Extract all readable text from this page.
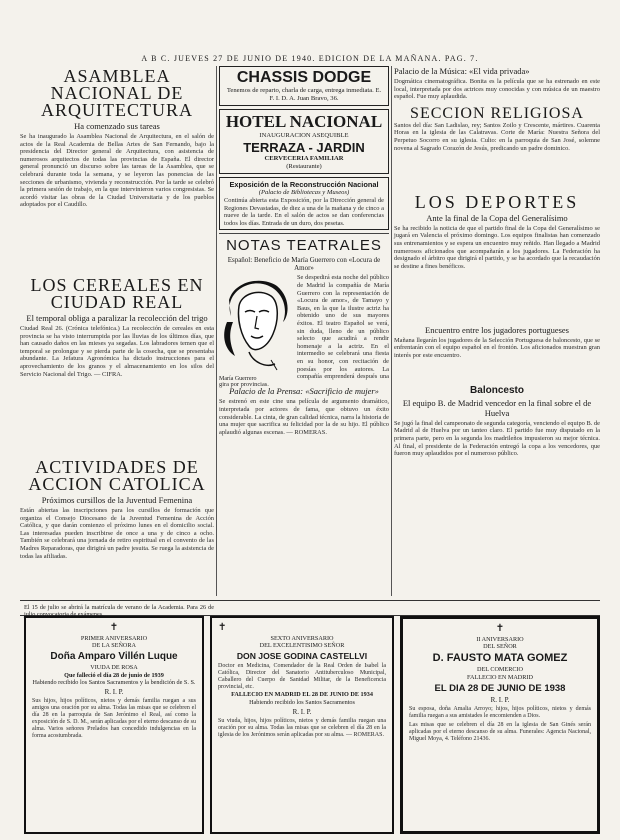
A B C. JUEVES 27 DE JUNIO DE 1940. EDICION DE LA MAÑANA. PAG. 7.
ASAMBLEA NACIONAL DE ARQUITECTURA
Ha comenzado sus tareas

Se ha inaugurado la Asamblea Nacional de Arquitectura, en el salón de actos de la Real Academia de Bellas Artes de San Fernando, bajo la presidencia del Director general de Arquitectura, con asistencia de numerosos arquitectos de todas las provincias de España. El director general pronunció un discurso sobre las tareas de la Asamblea, que se celebrará durante toda la semana, y se leyeron las ponencias de las secciones de urbanismo, vivienda y reconstrucción. Por la tarde se celebró la primera sesión de trabajo, en la que intervinieron varios congresistas. Se acordó visitar las obras de la Ciudad Universitaria y de los pueblos adoptados por el Caudillo.

LOS CEREALES EN CIUDAD REAL
El temporal obliga a paralizar la recolección del trigo

Ciudad Real 26. (Crónica telefónica.) La recolección de cereales en esta provincia se ha visto interrumpida por las lluvias de los últimos días, que han causado daños en las mieses ya segadas. Los labradores temen que el temporal se prolongue y se pierda parte de la cosecha, que se presentaba abundante. La Jefatura Agronómica ha dictado instrucciones para el aprovechamiento de los granos y el almacenamiento en los silos del Servicio Nacional del Trigo. — CIFRA.

ACTIVIDADES DE ACCION CATOLICA
Próximos cursillos de la Juventud Femenina

Están abiertas las inscripciones para los cursillos de formación que organiza el Consejo Diocesano de la Juventud Femenina de Acción Católica, y que darán comienzo el próximo lunes en el domicilio social. Las interesadas pueden inscribirse de once a una y de cinco a ocho. También se celebrará una jornada de retiro espiritual en el convento de las Madres Reparadoras, que dirigirá un padre jesuita. Se ruega la asistencia de todas las afiliadas.

CHASSIS DODGE
Tenemos de reparto, charla de carga, entrega inmediata. E. F. I. D. A. Juan Bravo, 36.
HOTEL NACIONAL
INAUGURACION ASEQUIBLE
TERRAZA - JARDIN
CERVECERIA FAMILIAR
(Restaurante)
Exposición de la Reconstrucción Nacional
(Palacio de Bibliotecas y Museos)

Continúa abierta esta Exposición, por la Dirección general de Regiones Devastadas, de diez a una de la mañana y de cinco a nueve de la tarde. En el salón de actos se dan conferencias todos los días. Entrada de un duro, dos pesetas.

NOTAS TEATRALES
Español: Beneficio de María Guerrero con «Locura de Amor»

Se despedirá esta noche del público de Madrid la compañía de María Guerrero con la representación de «Locura de amor», de Tamayo y Baus, en la que la ilustre actriz ha obtenido uno de sus mayores éxitos. El teatro Español se verá, sin duda, lleno de un público selecto que acudirá a rendir homenaje a la actriz. En el intermedio se celebrará una fiesta en su honor, con recitación de poesías por los autores. La compañía emprenderá después una gira por provincias.

María Guerrero
Palacio de la Prensa: «Sacrificio de mujer»

Se estrenó en este cine una película de argumento dramático, interpretada por actores de fama, que obtuvo un éxito considerable. La cinta, de gran calidad técnica, narra la historia de una mujer que sacrifica su felicidad por la de su hijo. El público aplaudió algunas escenas. — ROMERAS.

Palacio de la Música: «El vida privada»

Dogmática cinematográfica. Bonita es la película que se ha estrenado en este local, interpretada por dos actrices muy conocidas y con música de un maestro español. Fue muy aplaudida.

SECCION RELIGIOSA

Santos del día: San Ladislao, rey; Santos Zoilo y Crescente, mártires. Cuarenta Horas en la iglesia de las Calatravas. Corte de María: Nuestra Señora del Perpetuo Socorro en su iglesia. Culto: en la parroquia de San José, solemne novena al Sagrado Corazón de Jesús, predicando un padre dominico.

LOS DEPORTES
Ante la final de la Copa del Generalísimo

Se ha recibido la noticia de que el partido final de la Copa del Generalísimo se jugará en Valencia el próximo domingo. Los equipos finalistas han comenzado sus entrenamientos y se espera un encuentro muy reñido. Han llegado a Madrid numerosos aficionados que acompañarán a los jugadores. La Federación ha designado el árbitro que dirigirá el partido, y se ha acordado que la recaudación se destine a fines benéficos.

Encuentro entre los jugadores portugueses

Mañana llegarán los jugadores de la Selección Portuguesa de baloncesto, que se enfrentarán con el equipo español en el frontón. Los aficionados muestran gran interés por este encuentro.

Baloncesto
El equipo B. de Madrid vencedor en la final sobre el de Huelva

Se jugó la final del campeonato de segunda categoría, venciendo el equipo B. de Madrid al de Huelva por un tanteo claro. El partido fue muy disputado en la primera parte, pero en la segunda los madrileños impusieron su mejor técnica. Al final, el presidente de la Federación entregó la copa a los vencedores, que fueron muy aplaudidos por el numeroso público.

El 15 de julio se abrirá la matrícula de verano de la Academia. Para 26 de julio convocatoria de exámenes.
✝

PRIMER ANIVERSARIO

DE LA SEÑORA

Doña Amparo Villén Luque

VIUDA DE ROSA

Que falleció el día 28 de junio de 1939

Habiendo recibido los Santos Sacramentos y la bendición de S. S.

R. I. P.

Sus hijos, hijos políticos, nietos y demás familia ruegan a sus amigos una oración por su alma. Todas las misas que se celebren el día 28 en la parroquia de San Jerónimo el Real, así como la exposición de S. D. M., serán aplicadas por el eterno descanso de su alma. Varios señores Prelados han concedido indulgencias en la forma acostumbrada.

✝

SEXTO ANIVERSARIO

DEL EXCELENTISIMO SEÑOR

DON JOSE GODINA CASTELLVI

Doctor en Medicina, Comendador de la Real Orden de Isabel la Católica, Director del Sanatorio Antituberculoso Municipal, Caballero del Cuerpo de Sanidad Militar, de la Beneficencia provincial, etc.

FALLECIO EN MADRID EL 28 DE JUNIO DE 1934

Habiendo recibido los Santos Sacramentos

R. I. P.

Su viuda, hijos, hijos políticos, nietos y demás familia ruegan una oración por su alma. Todas las misas que se celebren el día 28 en la iglesia de los Jerónimos serán aplicadas por su alma. — ROMERAS.

✝

II ANIVERSARIO

DEL SEÑOR

D. FAUSTO MATA GOMEZ

DEL COMERCIO

FALLECIO EN MADRID

EL DIA 28 DE JUNIO DE 1938
R. I. P.

Su esposa, doña Amalia Arroyo; hijos, hijos políticos, nietos y demás familia ruegan a sus amistades le encomienden a Dios.

Las misas que se celebren el día 28 en la iglesia de San Ginés serán aplicadas por el eterno descanso de su alma. Funerales: Agencia Nacional, Miguel Moya, 4. Teléfono 21436.
